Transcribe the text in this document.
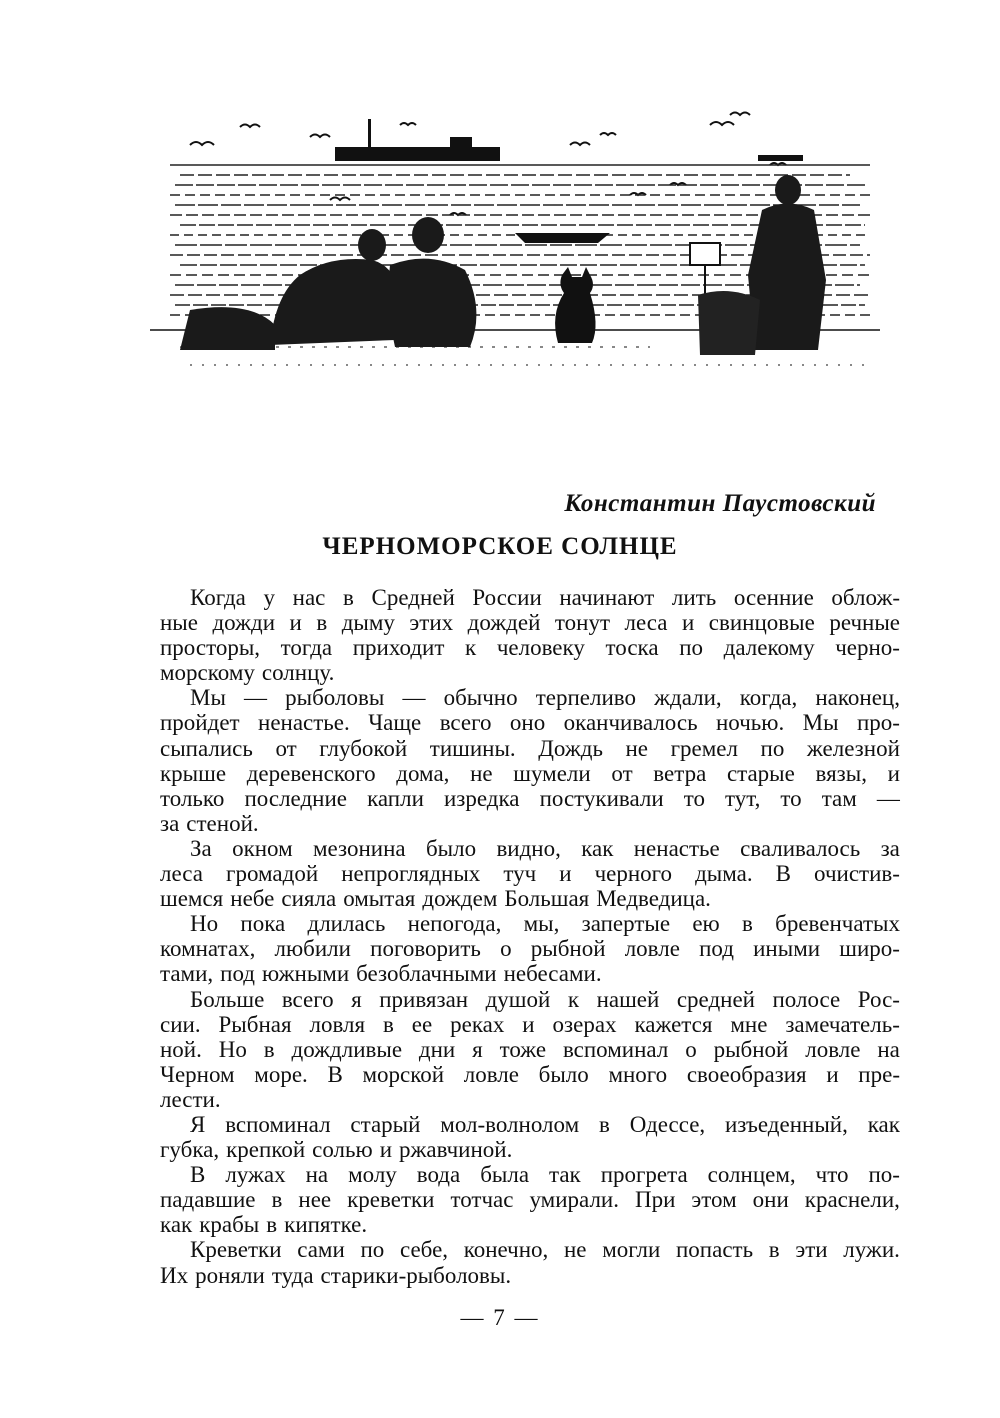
Константин Паустовский
ЧЕРНОМОРСКОЕ СОЛНЦЕ
Когда у нас в Средней России начинают лить осенние облож-
ные дожди и в дыму этих дождей тонут леса и свинцовые речные
просторы, тогда приходит к человеку тоска по далекому черно-
морскому солнцу.
Мы — рыболовы — обычно терпеливо ждали, когда, наконец,
пройдет ненастье. Чаще всего оно оканчивалось ночью. Мы про-
сыпались от глубокой тишины. Дождь не гремел по железной
крыше деревенского дома, не шумели от ветра старые вязы, и
только последние капли изредка постукивали то тут, то там —
за стеной.
За окном мезонина было видно, как ненастье сваливалось за
леса громадой непроглядных туч и черного дыма. В очистив-
шемся небе сияла омытая дождем Большая Медведица.
Но пока длилась непогода, мы, запертые ею в бревенчатых
комнатах, любили поговорить о рыбной ловле под иными широ-
тами, под южными безоблачными небесами.
Больше всего я привязан душой к нашей средней полосе Рос-
сии. Рыбная ловля в ее реках и озерах кажется мне замечатель-
ной. Но в дождливые дни я тоже вспоминал о рыбной ловле на
Черном море. В морской ловле было много своеобразия и пре-
лести.
Я вспоминал старый мол-волнолом в Одессе, изъеденный, как
губка, крепкой солью и ржавчиной.
В лужах на молу вода была так прогрета солнцем, что по-
падавшие в нее креветки тотчас умирали. При этом они краснели,
как крабы в кипятке.
Креветки сами по себе, конечно, не могли попасть в эти лужи.
Их роняли туда старики-рыболовы.
— 7 —
